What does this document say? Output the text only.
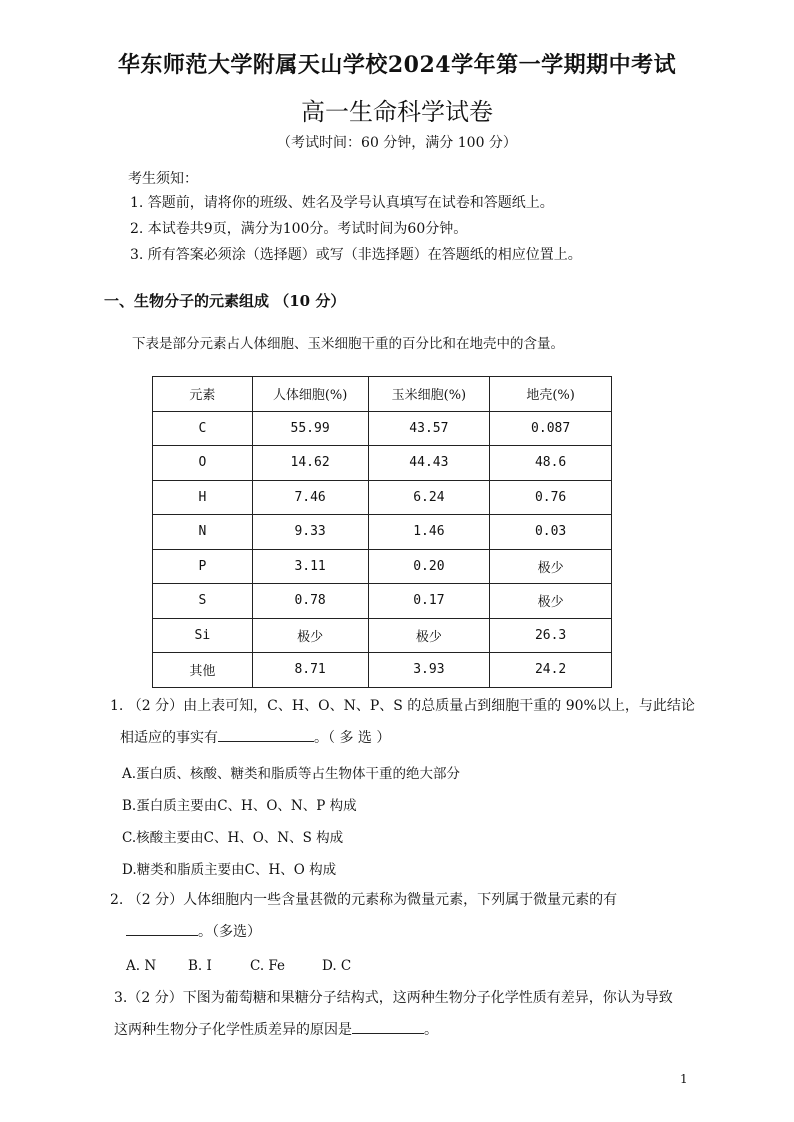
华东师范大学附属天山学校2024学年第一学期期中考试
高一生命科学试卷
（考试时间：60 分钟，满分 100 分）
考生须知：
1. 答题前，请将你的班级、姓名及学号认真填写在试卷和答题纸上。
2. 本试卷共9页，满分为100分。考试时间为60分钟。
3. 所有答案必须涂（选择题）或写（非选择题）在答题纸的相应位置上。
一、生物分子的元素组成 （10 分）
下表是部分元素占人体细胞、玉米细胞干重的百分比和在地壳中的含量。
元素	人体细胞(%)	玉米细胞(%)	地壳(%)
C	55.99	43.57	0.087
O	14.62	44.43	48.6
H	7.46	6.24	0.76
N	9.33	1.46	0.03
P	3.11	0.20	极少
S	0.78	0.17	极少
Si	极少	极少	26.3
其他	8.71	3.93	24.2
1. （2 分）由上表可知，C、H、O、N、P、S 的总质量占到细胞干重的 90%以上，与此结论
相适应的事实有	。（ 多 选 ）
A.蛋白质、核酸、糖类和脂质等占生物体干重的绝大部分
B.蛋白质主要由C、H、O、N、P 构成
C.核酸主要由C、H、O、N、S 构成
D.糖类和脂质主要由C、H、O 构成
2. （2 分）人体细胞内一些含量甚微的元素称为微量元素，下列属于微量元素的有
。（多选）
A. N	B. I	C. Fe	D. C
3.（2 分）下图为葡萄糖和果糖分子结构式，这两种生物分子化学性质有差异，你认为导致
这两种生物分子化学性质差异的原因是	。
1
